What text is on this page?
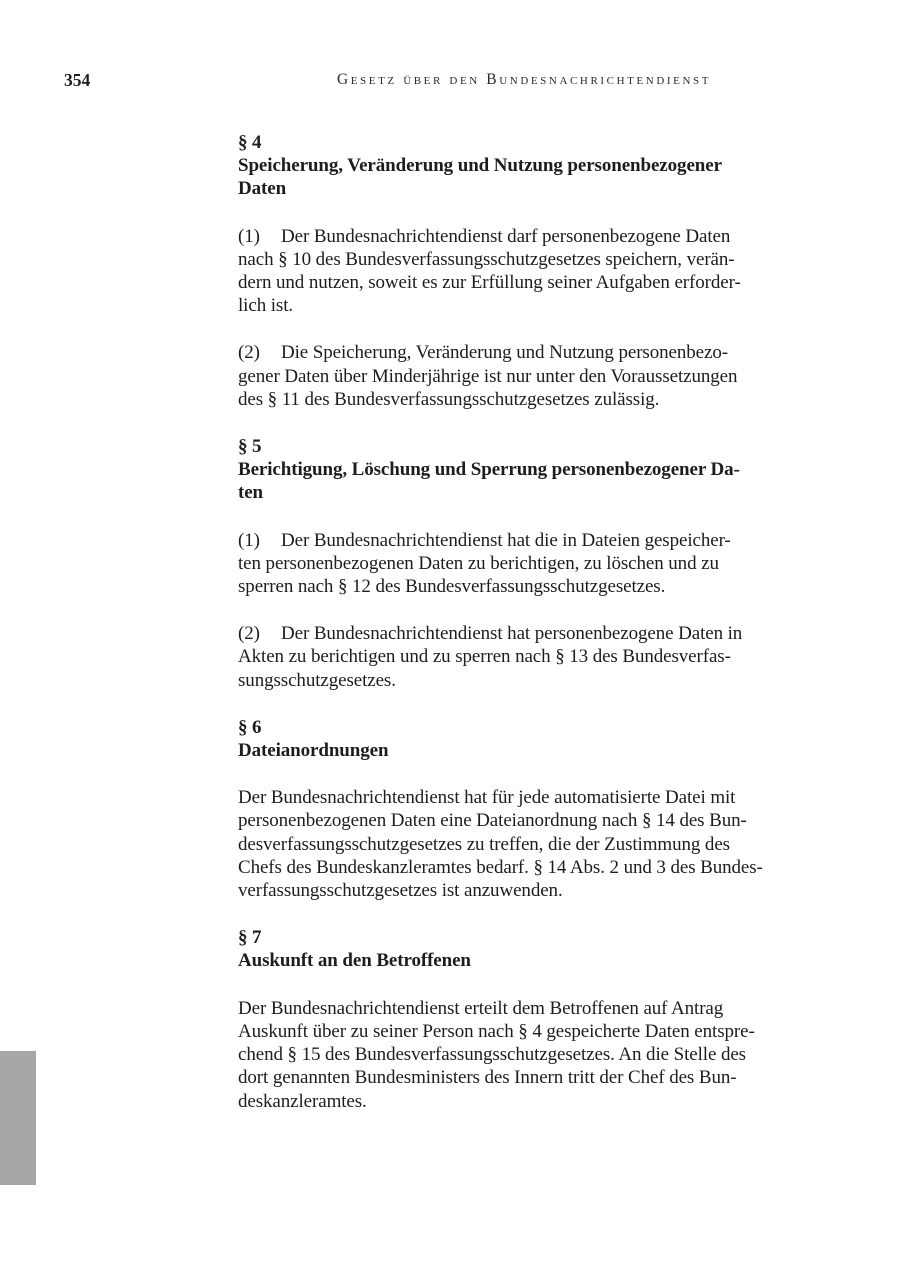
354	Gesetz über den Bundesnachrichtendienst
§ 4
Speicherung, Veränderung und Nutzung personenbezogener
Daten
(1) Der Bundesnachrichtendienst darf personenbezogene Daten
nach § 10 des Bundesverfassungsschutzgesetzes speichern, verän-
dern und nutzen, soweit es zur Erfüllung seiner Aufgaben erforder-
lich ist.
(2) Die Speicherung, Veränderung und Nutzung personenbezo-
gener Daten über Minderjährige ist nur unter den Voraussetzungen
des § 11 des Bundesverfassungsschutzgesetzes zulässig.
§ 5
Berichtigung, Löschung und Sperrung personenbezogener Da-
ten
(1) Der Bundesnachrichtendienst hat die in Dateien gespeicher-
ten personenbezogenen Daten zu berichtigen, zu löschen und zu
sperren nach § 12 des Bundesverfassungsschutzgesetzes.
(2) Der Bundesnachrichtendienst hat personenbezogene Daten in
Akten zu berichtigen und zu sperren nach § 13 des Bundesverfas-
sungsschutzgesetzes.
§ 6
Dateianordnungen
Der Bundesnachrichtendienst hat für jede automatisierte Datei mit
personenbezogenen Daten eine Dateianordnung nach § 14 des Bun-
desverfassungsschutzgesetzes zu treffen, die der Zustimmung des
Chefs des Bundeskanzleramtes bedarf. § 14 Abs. 2 und 3 des Bundes-
verfassungsschutzgesetzes ist anzuwenden.
§ 7
Auskunft an den Betroffenen
Der Bundesnachrichtendienst erteilt dem Betroffenen auf Antrag
Auskunft über zu seiner Person nach § 4 gespeicherte Daten entspre-
chend § 15 des Bundesverfassungsschutzgesetzes. An die Stelle des
dort genannten Bundesministers des Innern tritt der Chef des Bun-
deskanzleramtes.
